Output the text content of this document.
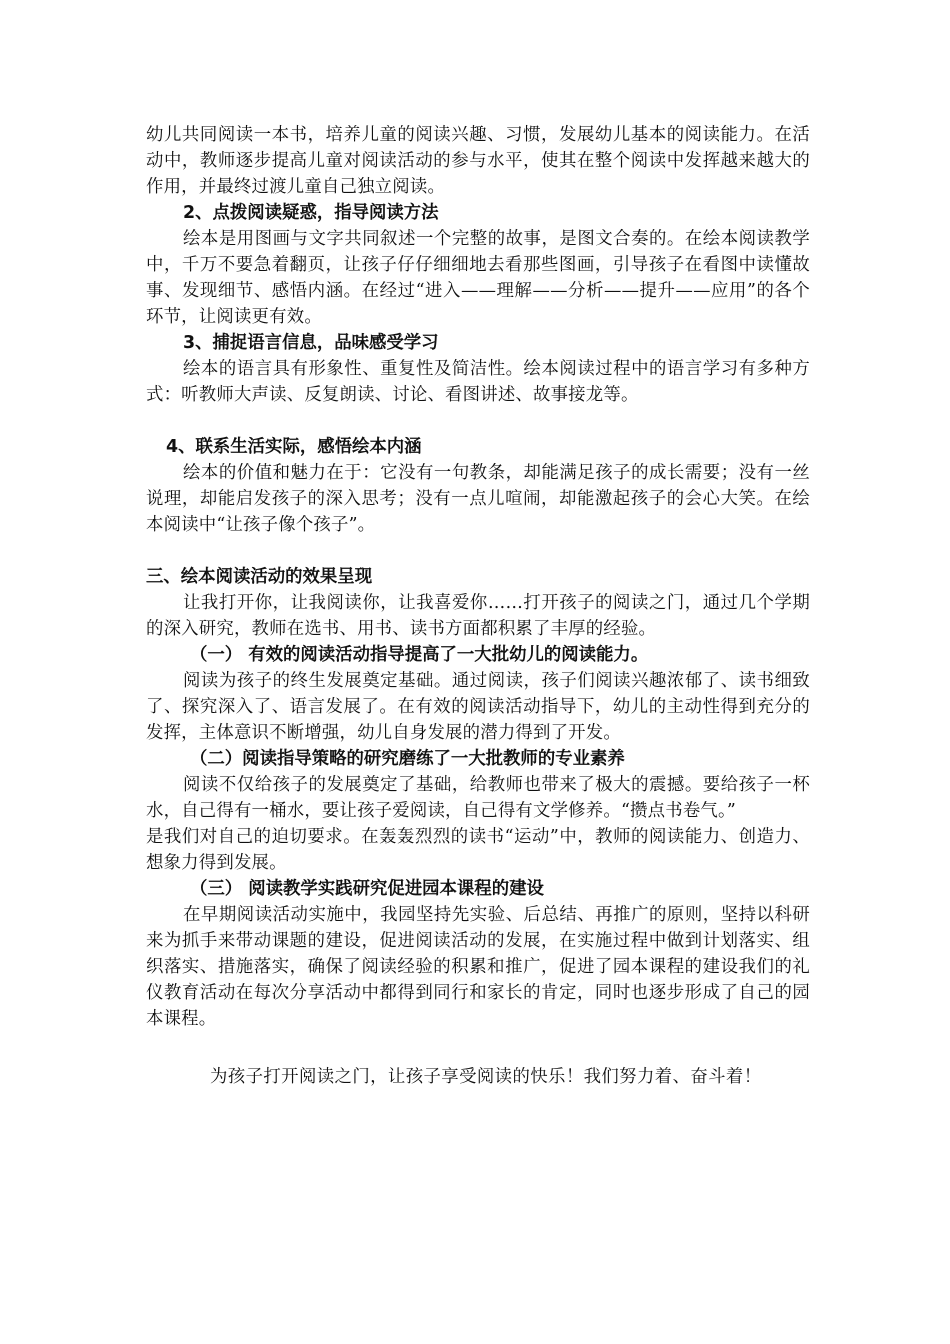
幼儿共同阅读一本书，培养儿童的阅读兴趣、习惯，发展幼儿基本的阅读能力。在活动中，教师逐步提高儿童对阅读活动的参与水平，使其在整个阅读中发挥越来越大的作用，并最终过渡儿童自己独立阅读。

2、点拨阅读疑惑，指导阅读方法

绘本是用图画与文字共同叙述一个完整的故事，是图文合奏的。在绘本阅读教学中，千万不要急着翻页，让孩子仔仔细细地去看那些图画，引导孩子在看图中读懂故事、发现细节、感悟内涵。在经过“进入——理解——分析——提升——应用”的各个环节，让阅读更有效。

3、捕捉语言信息，品味感受学习

绘本的语言具有形象性、重复性及简洁性。绘本阅读过程中的语言学习有多种方式：听教师大声读、反复朗读、讨论、看图讲述、故事接龙等。

4、联系生活实际，感悟绘本内涵

绘本的价值和魅力在于：它没有一句教条，却能满足孩子的成长需要；没有一丝说理，却能启发孩子的深入思考；没有一点儿喧闹，却能激起孩子的会心大笑。在绘本阅读中“让孩子像个孩子”。

三、绘本阅读活动的效果呈现

让我打开你，让我阅读你，让我喜爱你……打开孩子的阅读之门，通过几个学期的深入研究，教师在选书、用书、读书方面都积累了丰厚的经验。

（一） 有效的阅读活动指导提高了一大批幼儿的阅读能力。

阅读为孩子的终生发展奠定基础。通过阅读，孩子们阅读兴趣浓郁了、读书细致了、探究深入了、语言发展了。在有效的阅读活动指导下，幼儿的主动性得到充分的发挥，主体意识不断增强，幼儿自身发展的潜力得到了开发。

（二）阅读指导策略的研究磨练了一大批教师的专业素养

阅读不仅给孩子的发展奠定了基础，给教师也带来了极大的震撼。要给孩子一杯水，自己得有一桶水，要让孩子爱阅读，自己得有文学修养。“攒点书卷气。”

是我们对自己的迫切要求。在轰轰烈烈的读书“运动”中，教师的阅读能力、创造力、想象力得到发展。

（三） 阅读教学实践研究促进园本课程的建设

在早期阅读活动实施中，我园坚持先实验、后总结、再推广的原则，坚持以科研来为抓手来带动课题的建设，促进阅读活动的发展，在实施过程中做到计划落实、组织落实、措施落实，确保了阅读经验的积累和推广，促进了园本课程的建设我们的礼仪教育活动在每次分享活动中都得到同行和家长的肯定，同时也逐步形成了自己的园本课程。

为孩子打开阅读之门，让孩子享受阅读的快乐！我们努力着、奋斗着！
